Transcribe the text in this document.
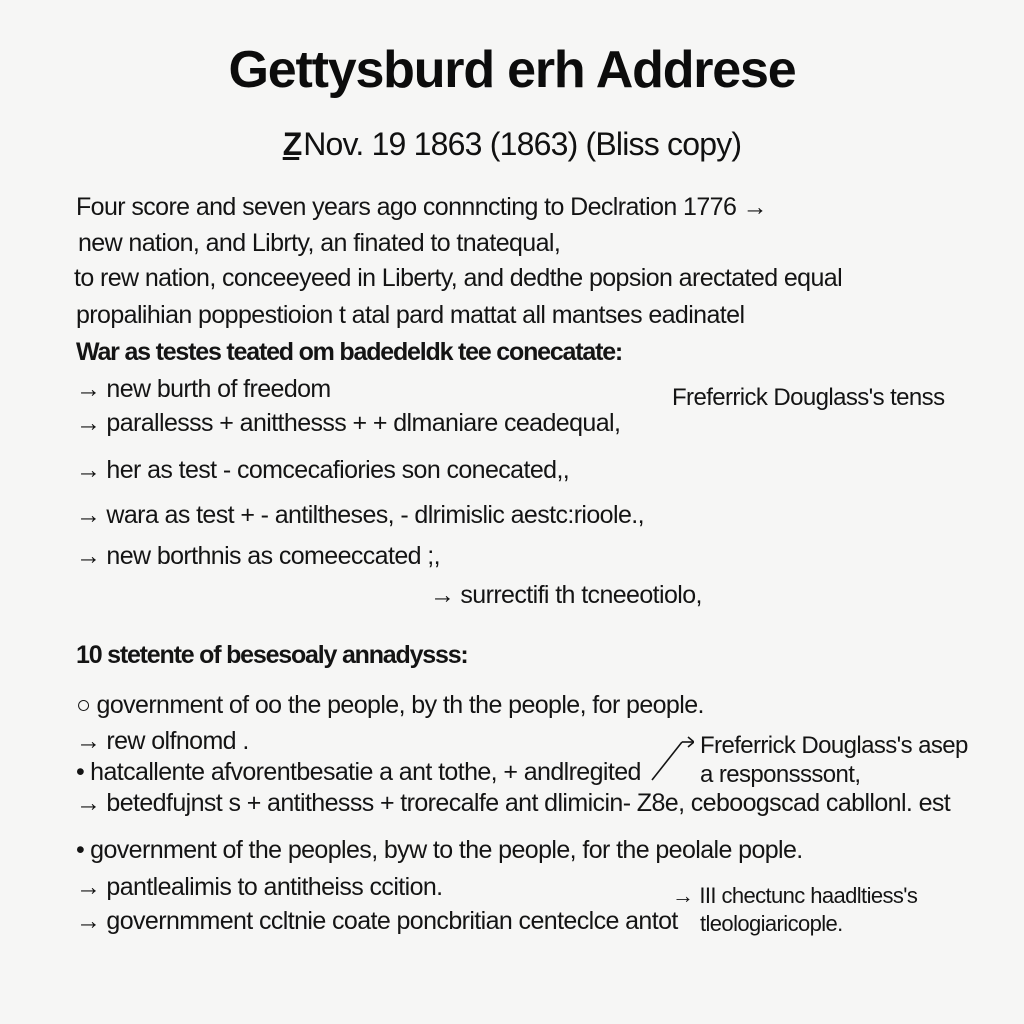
Gettysburd erh Addrese
Z Nov. 19 1863 (1863) (Bliss copy)
Four score and seven years ago connncting to Declration 1776 →
new nation, and Librty, an finated to tnatequal,
to rew nation, conceeyeed in Liberty, and dedthe popsion arectated equal
propalihian poppestioion t atal pard mattat all mantses eadinatel
War as testes teated om badedeldk tee conecatate:
→ new burth of freedom
→ parallesss + anitthesss + + dlmaniare ceadequal,
→ her as test - comcecafiories son conecated,,
→ wara as test + - antiltheses, - dlrimislic aestc:rioole.,
→ new borthnis as comeeccated ;,
→ surrectifi th tcneeotiolo,
Freferrick Douglass's tenss
10 stetente of besesoaly annadysss:
○ government of oo the people, by th the people, for people.
→ rew olfnomd .
• hatcallente afvorentbesatie a ant tothe, + andlregited
→ betedfujnst s + antithesss + trorecalfe ant dlimicin- Z8e, ceboogscad cabllonl. est
• government of the peoples, byw to the people, for the peolale pople.
→ pantlealimis to antitheiss ccition.
→ governmment ccltnie coate poncbritian centeclce antot
Freferrick Douglass's asep
a responsssont,
→ III chectunc haadltiess's
tleologiaricople.
